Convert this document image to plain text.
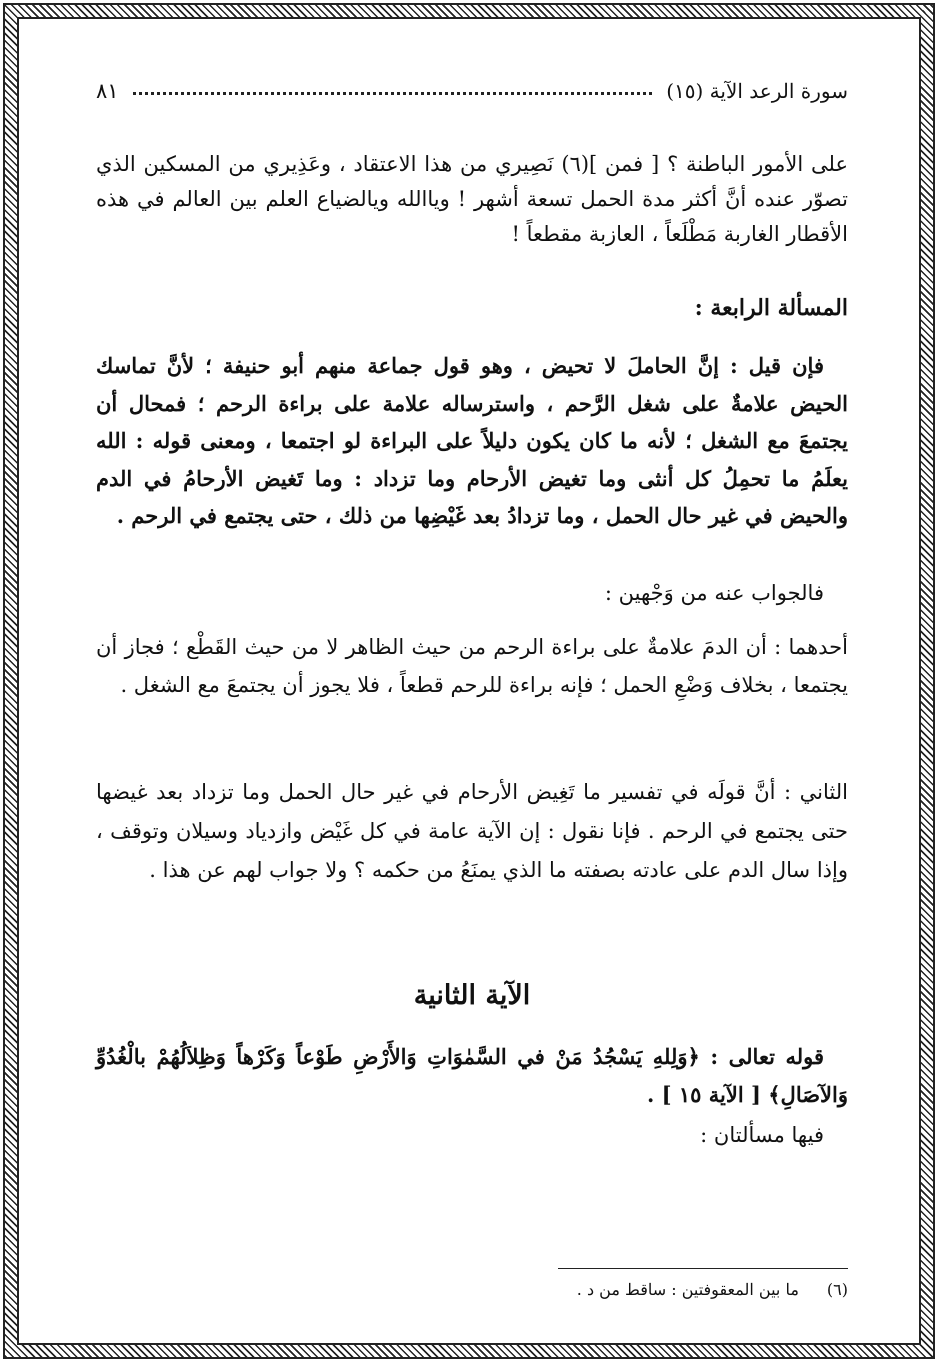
سورة الرعد الآية (١٥)
٨١

على الأمور الباطنة ؟ [ فمن ](٦) نَصِيري من هذا الاعتقاد ، وعَذِيري من المسكين الذي تصوّر عنده أنَّ أكثر مدة الحمل تسعة أشهر ! وياالله ويالضياع العلم بين العالم في هذه الأقطار الغاربة مَطْلَعاً ، العازبة مقطعاً !

المسألة الرابعة :

فإن قيل : إنَّ الحاملَ لا تحيض ، وهو قول جماعة منهم أبو حنيفة ؛ لأنَّ تماسك الحيض علامةٌ على شغل الرَّحم ، واسترساله علامة على براءة الرحم ؛ فمحال أن يجتمعَ مع الشغل ؛ لأنه ما كان يكون دليلاً على البراءة لو اجتمعا ، ومعنى قوله : الله يعلَمُ ما تحمِلُ كل أنثى وما تغيض الأرحام وما تزداد : وما تَغيض الأرحامُ في الدم والحيض في غير حال الحمل ، وما تزدادُ بعد غَيْضِها من ذلك ، حتى يجتمع في الرحم .

فالجواب عنه من وَجْهين :

أحدهما : أن الدمَ علامةٌ على براءة الرحم من حيث الظاهر لا من حيث القَطْع ؛ فجاز أن يجتمعا ، بخلاف وَضْعِ الحمل ؛ فإنه براءة للرحم قطعاً ، فلا يجوز أن يجتمعَ مع الشغل .

الثاني : أنَّ قولَه في تفسير ما تَغِيض الأرحام في غير حال الحمل وما تزداد بعد غيضها حتى يجتمع في الرحم . فإنا نقول : إن الآية عامة في كل غَيْض وازدياد وسيلان وتوقف ، وإذا سال الدم على عادته بصفته ما الذي يمنَعُ من حكمه ؟ ولا جواب لهم عن هذا .

الآية الثانية

قوله تعالى : ﴿وَلِلهِ يَسْجُدُ مَنْ في السَّمٰوَاتِ وَالأَرْضِ طَوْعاً وَكَرْهاً وَظِلاَلُهُمْ بالْغُدُوِّ وَالآصَالِ﴾ [ الآية ١٥ ] .

فيها مسألتان :

(٦)ما بين المعقوفتين : ساقط من د .
